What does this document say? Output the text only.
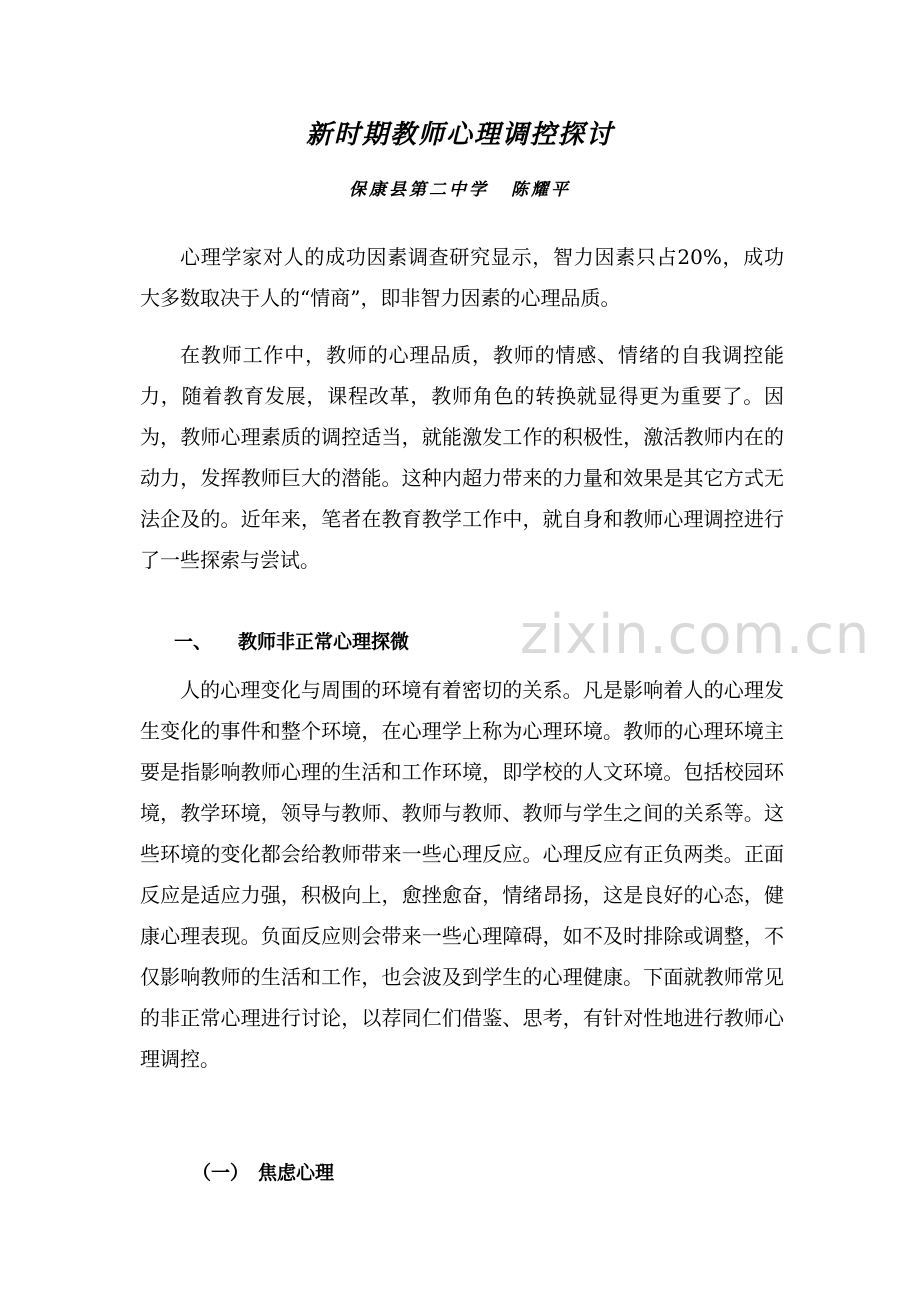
新时期教师心理调控探讨
保康县第二中学 陈耀平

心理学家对人的成功因素调查研究显示，智力因素只占20%，成功大多数取决于人的“情商”，即非智力因素的心理品质。

在教师工作中，教师的心理品质，教师的情感、情绪的自我调控能力，随着教育发展，课程改革，教师角色的转换就显得更为重要了。因为，教师心理素质的调控适当，就能激发工作的积极性，激活教师内在的动力，发挥教师巨大的潜能。这种内超力带来的力量和效果是其它方式无法企及的。近年来，笔者在教育教学工作中，就自身和教师心理调控进行了一些探索与尝试。

一、 教师非正常心理探微

人的心理变化与周围的环境有着密切的关系。凡是影响着人的心理发生变化的事件和整个环境，在心理学上称为心理环境。教师的心理环境主要是指影响教师心理的生活和工作环境，即学校的人文环境。包括校园环境，教学环境，领导与教师、教师与教师、教师与学生之间的关系等。这些环境的变化都会给教师带来一些心理反应。心理反应有正负两类。正面反应是适应力强，积极向上，愈挫愈奋，情绪昂扬，这是良好的心态，健康心理表现。负面反应则会带来一些心理障碍，如不及时排除或调整，不仅影响教师的生活和工作，也会波及到学生的心理健康。下面就教师常见的非正常心理进行讨论，以荐同仁们借鉴、思考，有针对性地进行教师心理调控。

（一） 焦虑心理
zixin.com.cn
